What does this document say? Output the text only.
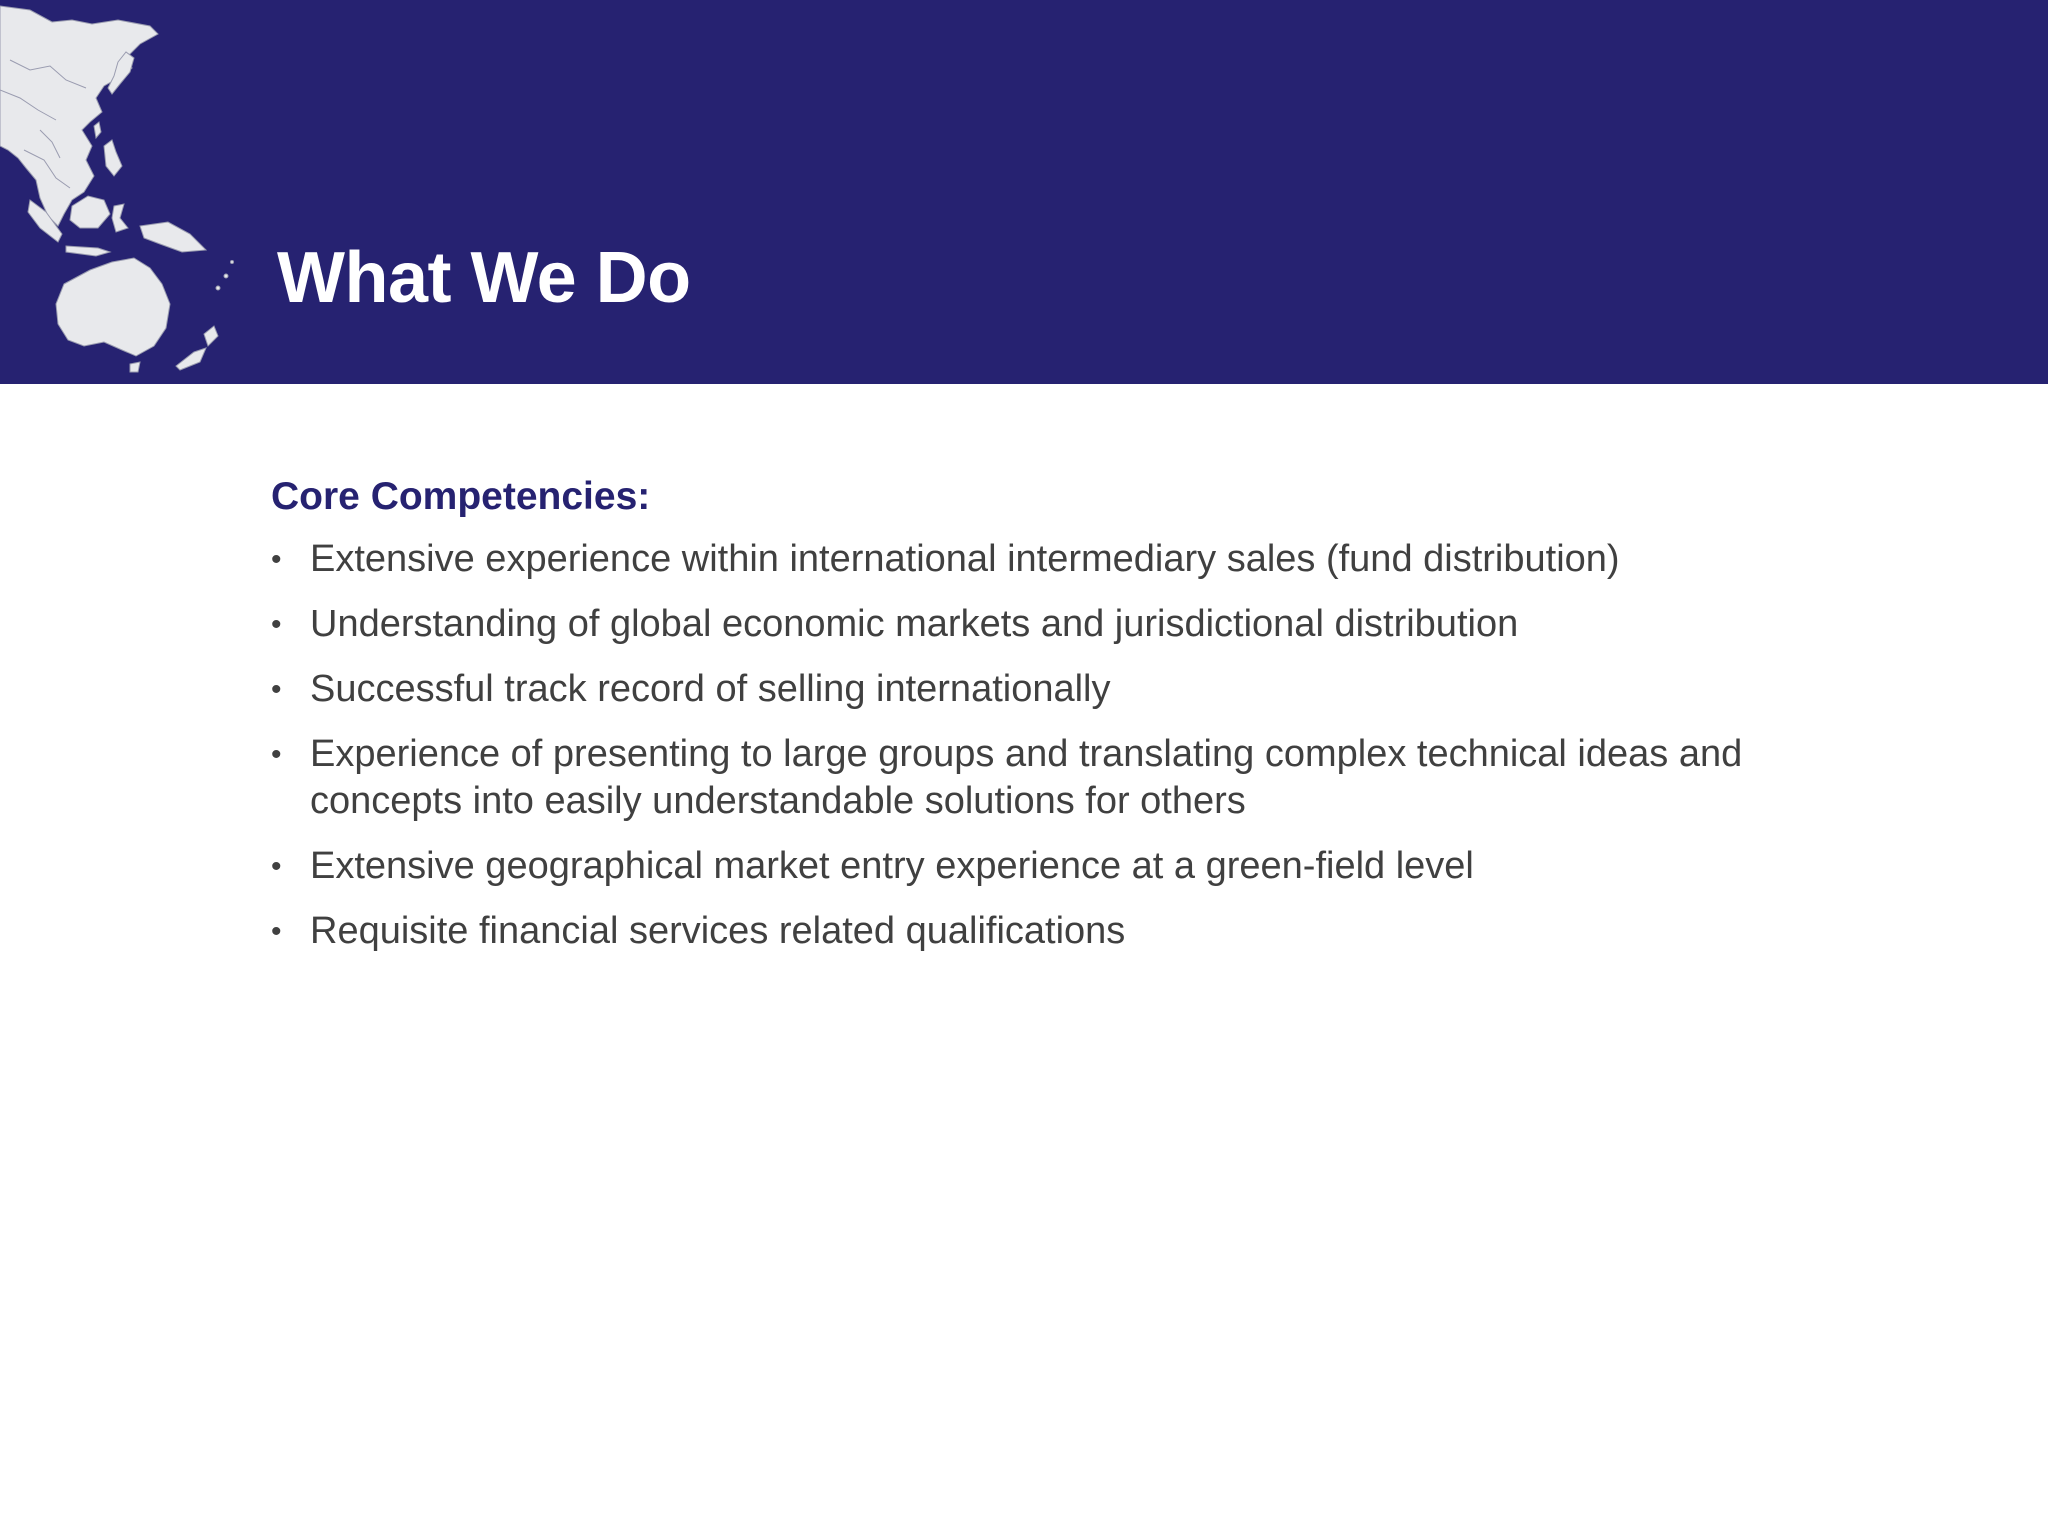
What We Do
Core Competencies:
• Extensive experience within international intermediary sales (fund distribution)
• Understanding of global economic markets and jurisdictional distribution
• Successful track record of selling internationally
• Experience of presenting to large groups and translating complex technical ideas and concepts into easily understandable solutions for others
• Extensive geographical market entry experience at a green-field level
• Requisite financial services related qualifications
